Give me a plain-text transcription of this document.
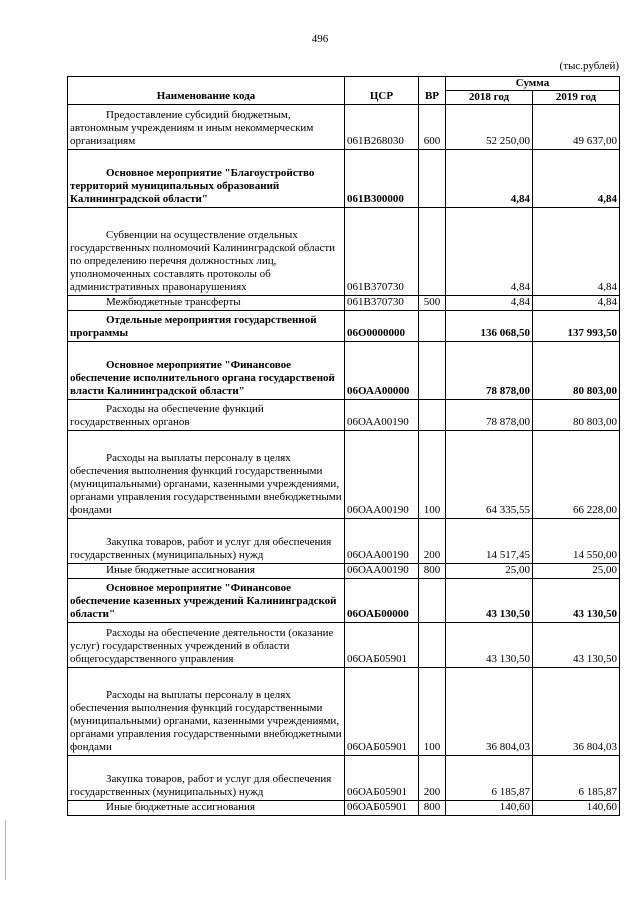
496
(тыс.рублей)
Наименование кода	ЦСР	ВР	Сумма	
			2018 год	2019 год

Предоставление субсидий бюджетным, автономным учреждениям и иным некоммерческим организациям	061В268030	600	52 250,00	49 637,00

Основное мероприятие "Благоустройство территорий муниципальных образований Калининградской области"	061В300000		4,84	4,84

Субвенции на осуществление отдельных государственных полномочий Калининградской области по определению перечня должностных лиц, уполномоченных составлять протоколы об административных правонарушениях	061В370730		4,84	4,84

Межбюджетные трансферты	061В370730	500	4,84	4,84

Отдельные мероприятия государственной программы	06О0000000		136 068,50	137 993,50

Основное мероприятие "Финансовое обеспечение исполнительного органа государственой власти Калининградской области"	06ОАА00000		78 878,00	80 803,00

Расходы на обеспечение функций государственных органов	06ОАА00190		78 878,00	80 803,00

Расходы на выплаты персоналу в целях обеспечения выполнения функций государственными (муниципальными) органами, казенными учреждениями, органами управления государственными внебюджетными фондами	06ОАА00190	100	64 335,55	66 228,00

Закупка товаров, работ и услуг для обеспечения государственных (муниципальных) нужд	06ОАА00190	200	14 517,45	14 550,00

Иные бюджетные ассигнования	06ОАА00190	800	25,00	25,00

Основное мероприятие "Финансовое обеспечение казенных учреждений Калининградской области"	06ОАБ00000		43 130,50	43 130,50

Расходы на обеспечение деятельности (оказание услуг) государственных учреждений в области общегосударственного управления	06ОАБ05901		43 130,50	43 130,50

Расходы на выплаты персоналу в целях обеспечения выполнения функций государственными (муниципальными) органами, казенными учреждениями, органами управления государственными внебюджетными фондами	06ОАБ05901	100	36 804,03	36 804,03

Закупка товаров, работ и услуг для обеспечения государственных (муниципальных) нужд	06ОАБ05901	200	6 185,87	6 185,87

Иные бюджетные ассигнования	06ОАБ05901	800	140,60	140,60
